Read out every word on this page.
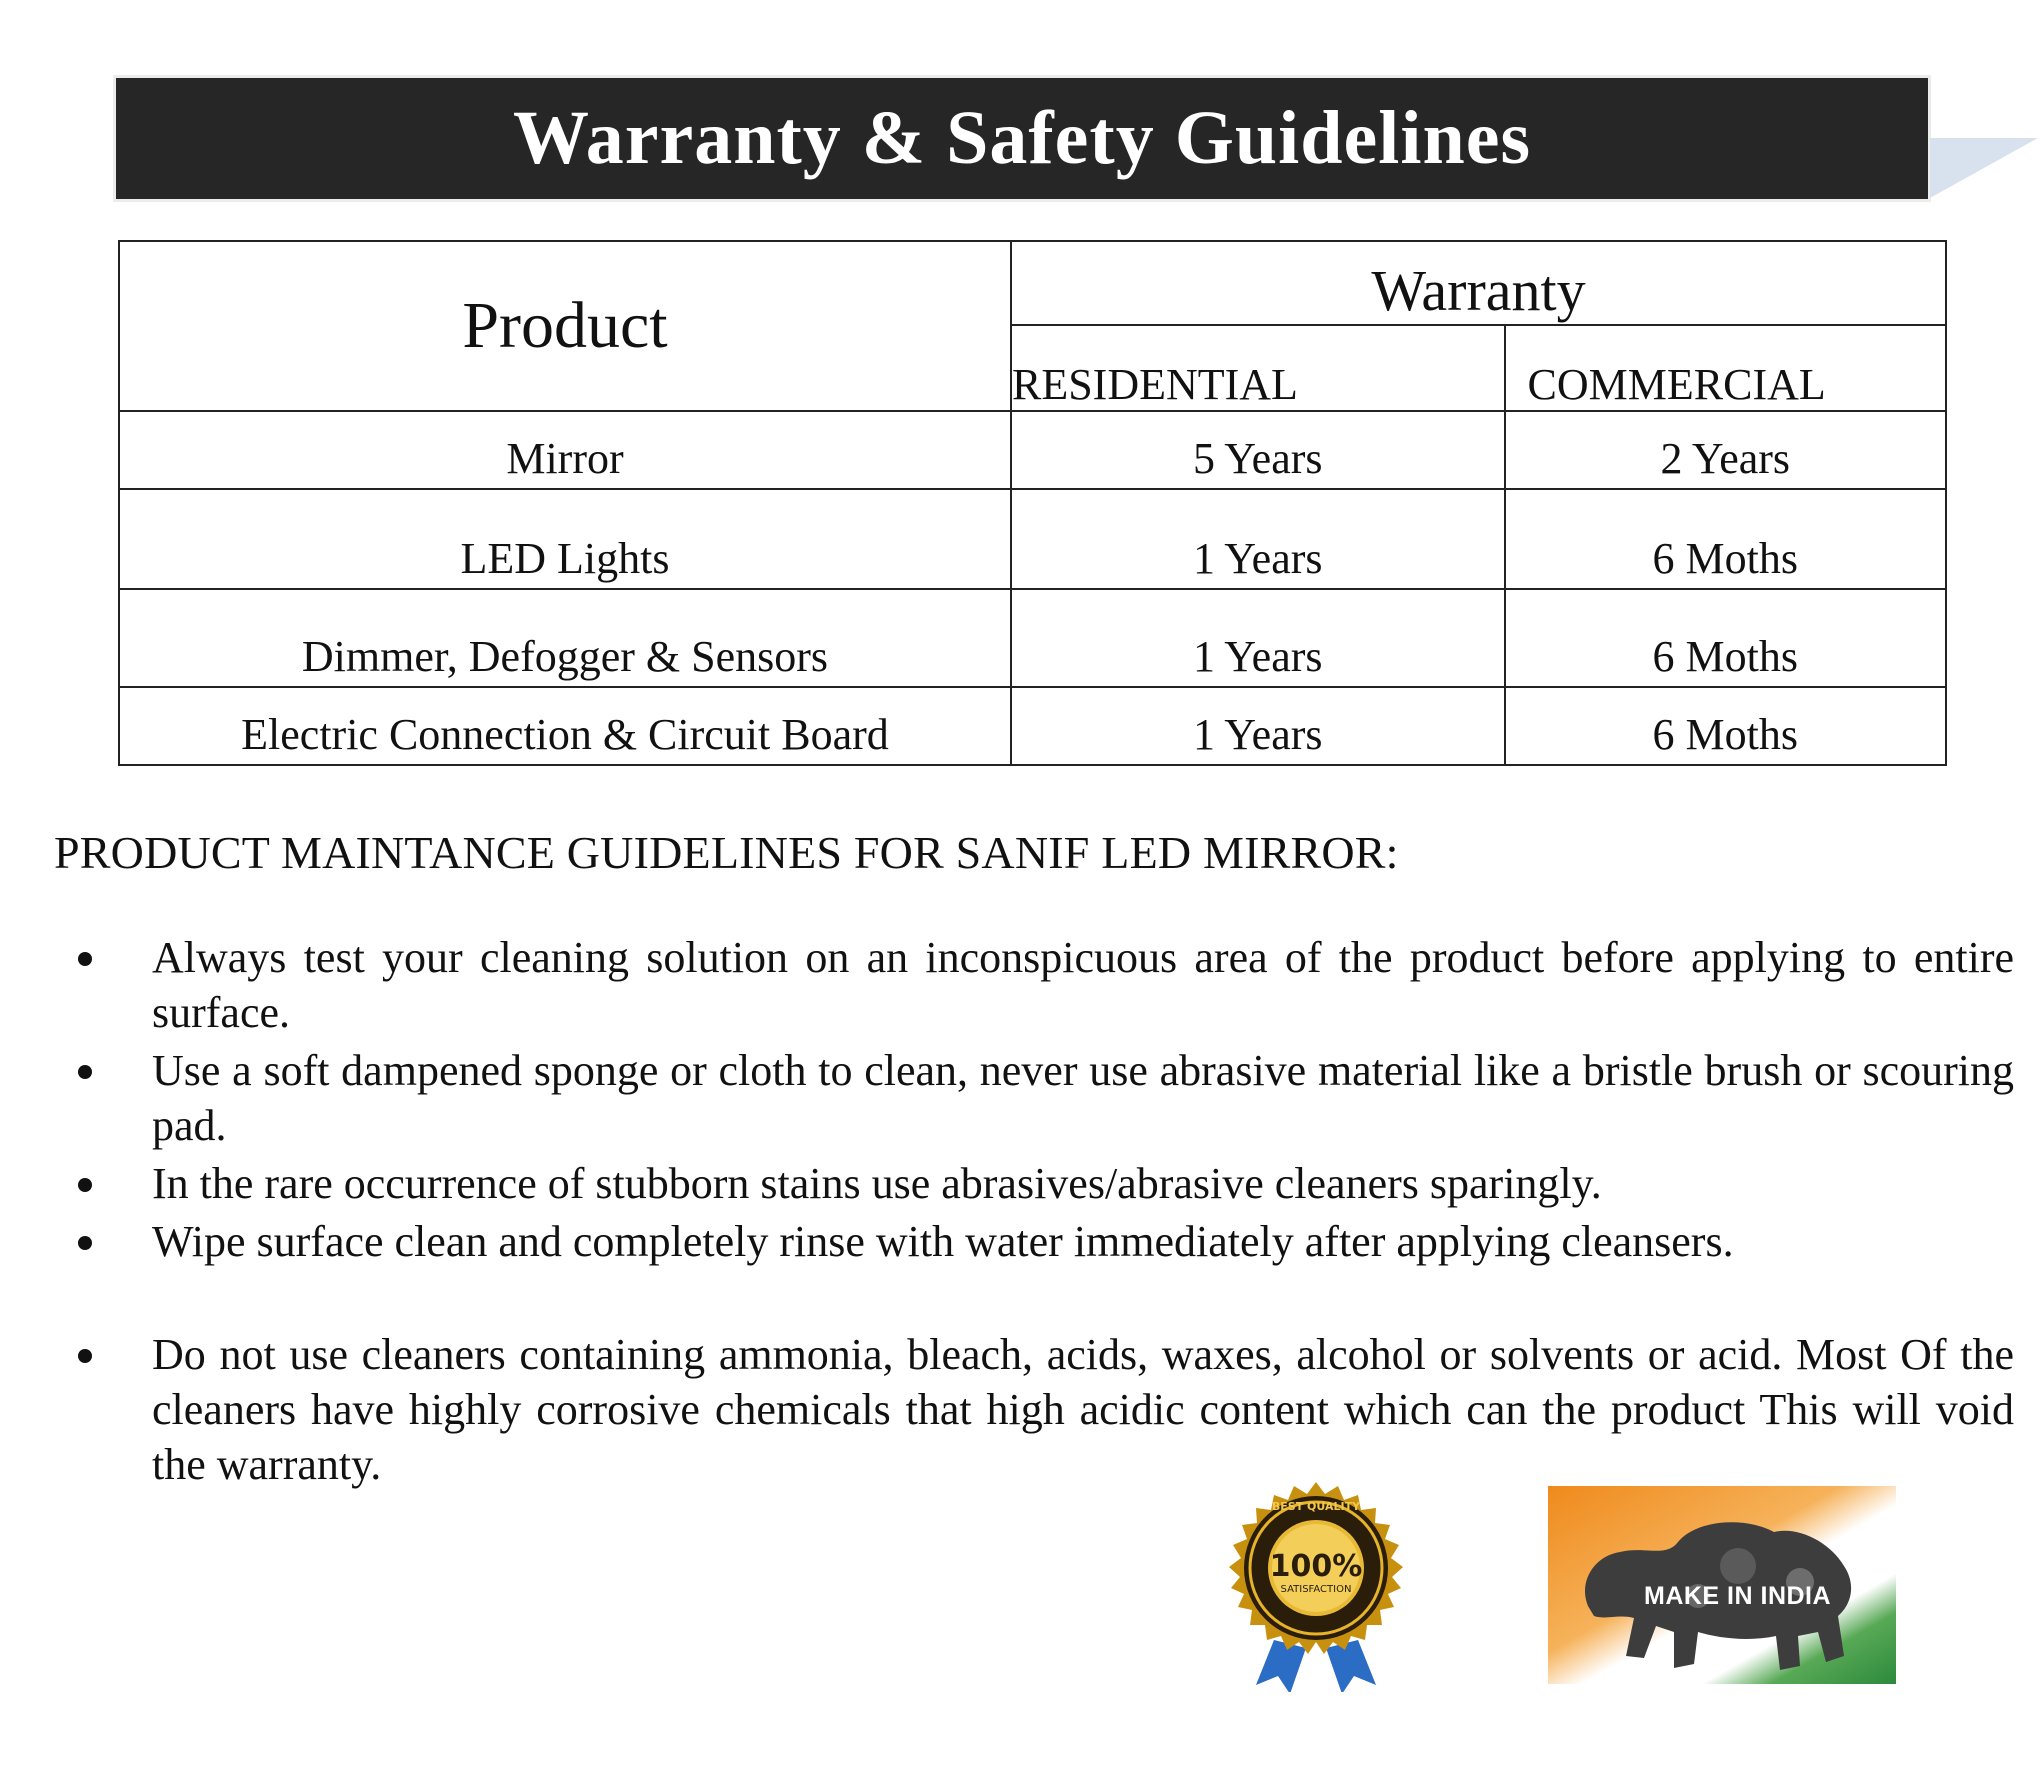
Warranty & Safety Guidelines
Product	Warranty	
	RESIDENTIAL	COMMERCIAL
Mirror	5 Years	2 Years
LED Lights	1 Years	6 Moths
Dimmer, Defogger & Sensors	1 Years	6 Moths
Electric Connection & Circuit Board	1 Years	6 Moths
PRODUCT MAINTANCE GUIDELINES FOR SANIF LED MIRROR:
Always test your cleaning solution on an inconspicuous area of the product before applying to entire surface.
Use a soft dampened sponge or cloth to clean, never use abrasive material like a bristle brush or scouring pad.
In the rare occurrence of stubborn stains use abrasives/abrasive cleaners sparingly.
Wipe surface clean and completely rinse with water immediately after applying cleansers.
Do not use cleaners containing ammonia, bleach, acids, waxes, alcohol or solvents or acid. Most Of the cleaners have highly corrosive chemicals that high acidic content which can the product This will void the warranty.
BEST QUALITY
100%
SATISFACTION	MAKE IN INDIA
